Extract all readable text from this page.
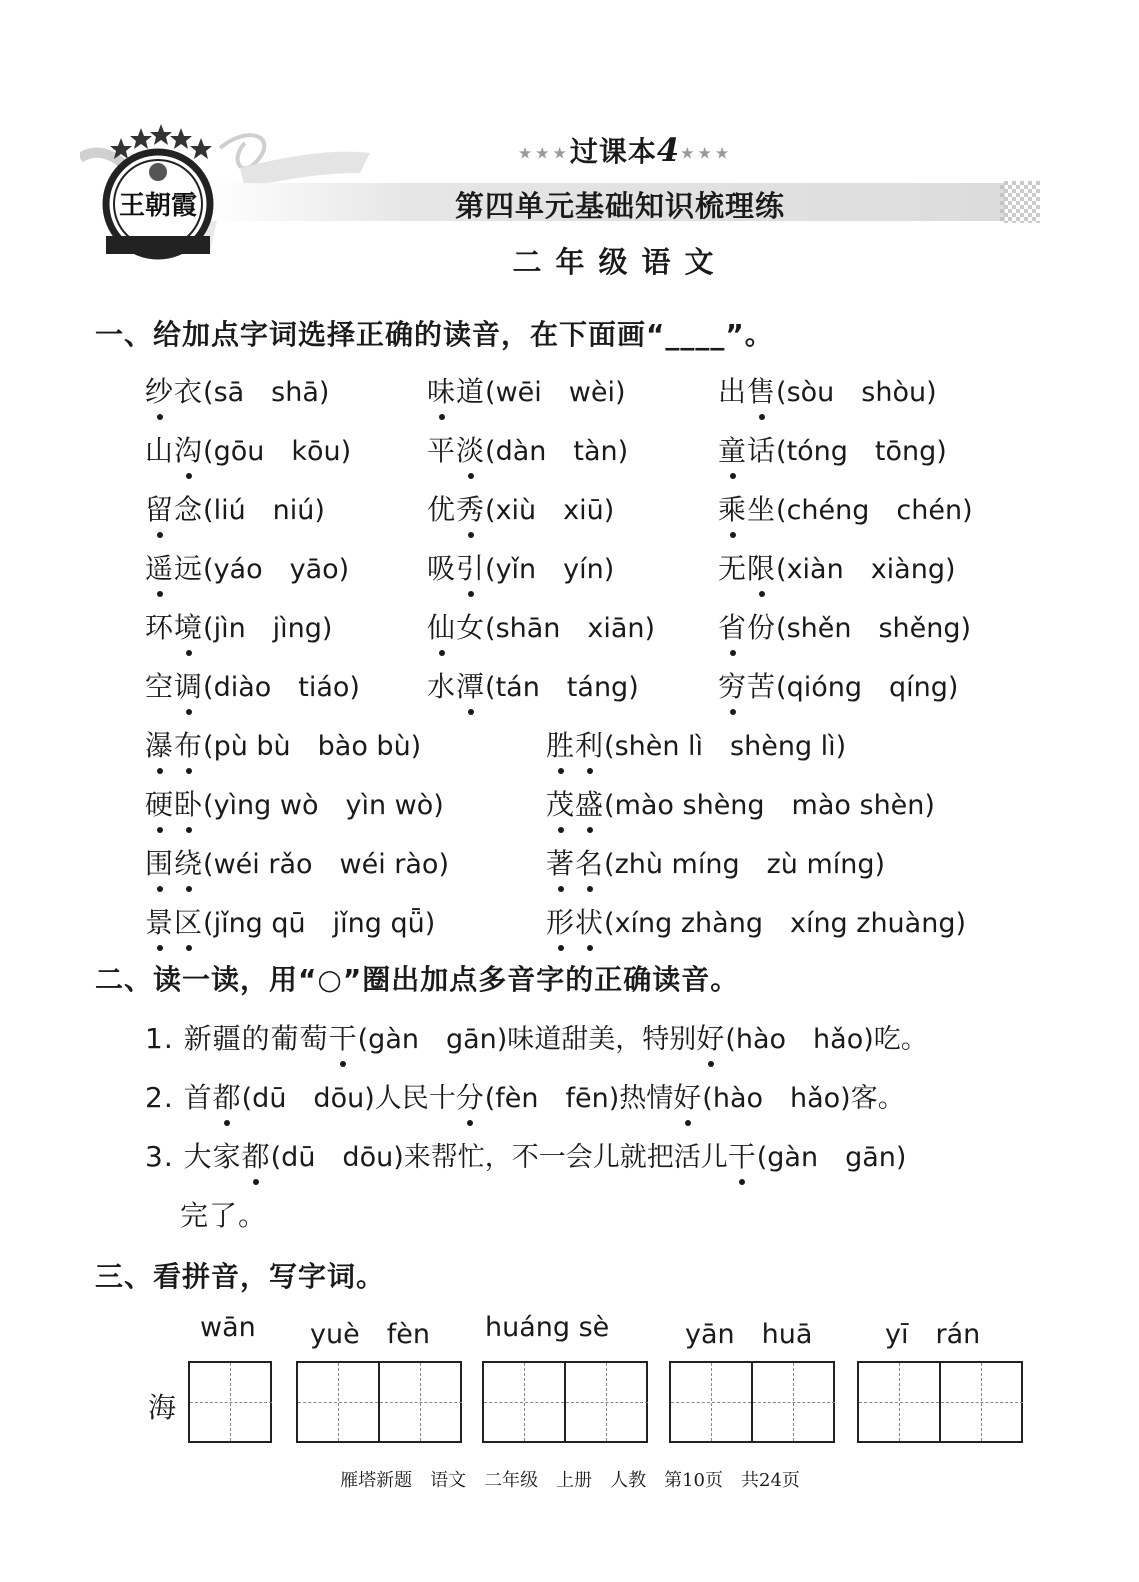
王朝霞
★★★过课本4★★★
第四单元基础知识梳理练
二年级语文
一、给加点字词选择正确的读音，在下面画“____”。
纱衣(sā　shā)	味道(wēi　wèi)	出售(sòu　shòu)
山沟(gōu　kōu)	平淡(dàn　tàn)	童话(tóng　tōng)
留念(liú　niú)	优秀(xiù　xiū)	乘坐(chéng　chén)
遥远(yáo　yāo)	吸引(yǐn　yín)	无限(xiàn　xiàng)
环境(jìn　jìng)	仙女(shān　xiān) 省份(shěn　shěng)
空调(diào　tiáo) 水潭(tán　táng)	穷苦(qióng　qíng)
瀑布(pù bù　bào bù)	胜利(shèn lì　shèng lì)
硬卧(yìng wò　yìn wò)	茂盛(mào shèng　mào shèn)
围绕(wéi rǎo　wéi rào)	著名(zhù míng　zù míng)
景区(jǐng qū　jǐng qǖ)	形状(xíng zhàng　xíng zhuàng)
二、读一读，用“○”圈出加点多音字的正确读音。
1. 新疆的葡萄干(gàn　gān)味道甜美，特别好(hào　hǎo)吃。
2. 首都(dū　dōu)人民十分(fèn　fēn)热情好(hào　hǎo)客。
3. 大家都(dū　dōu)来帮忙，不一会儿就把活儿干(gàn　gān)
完了。
三、看拼音，写字词。
wān yuè　fèn huáng sè	yān　huā	yī　rán
海
雁塔新题　语文　二年级　上册　人教　第10页　共24页
